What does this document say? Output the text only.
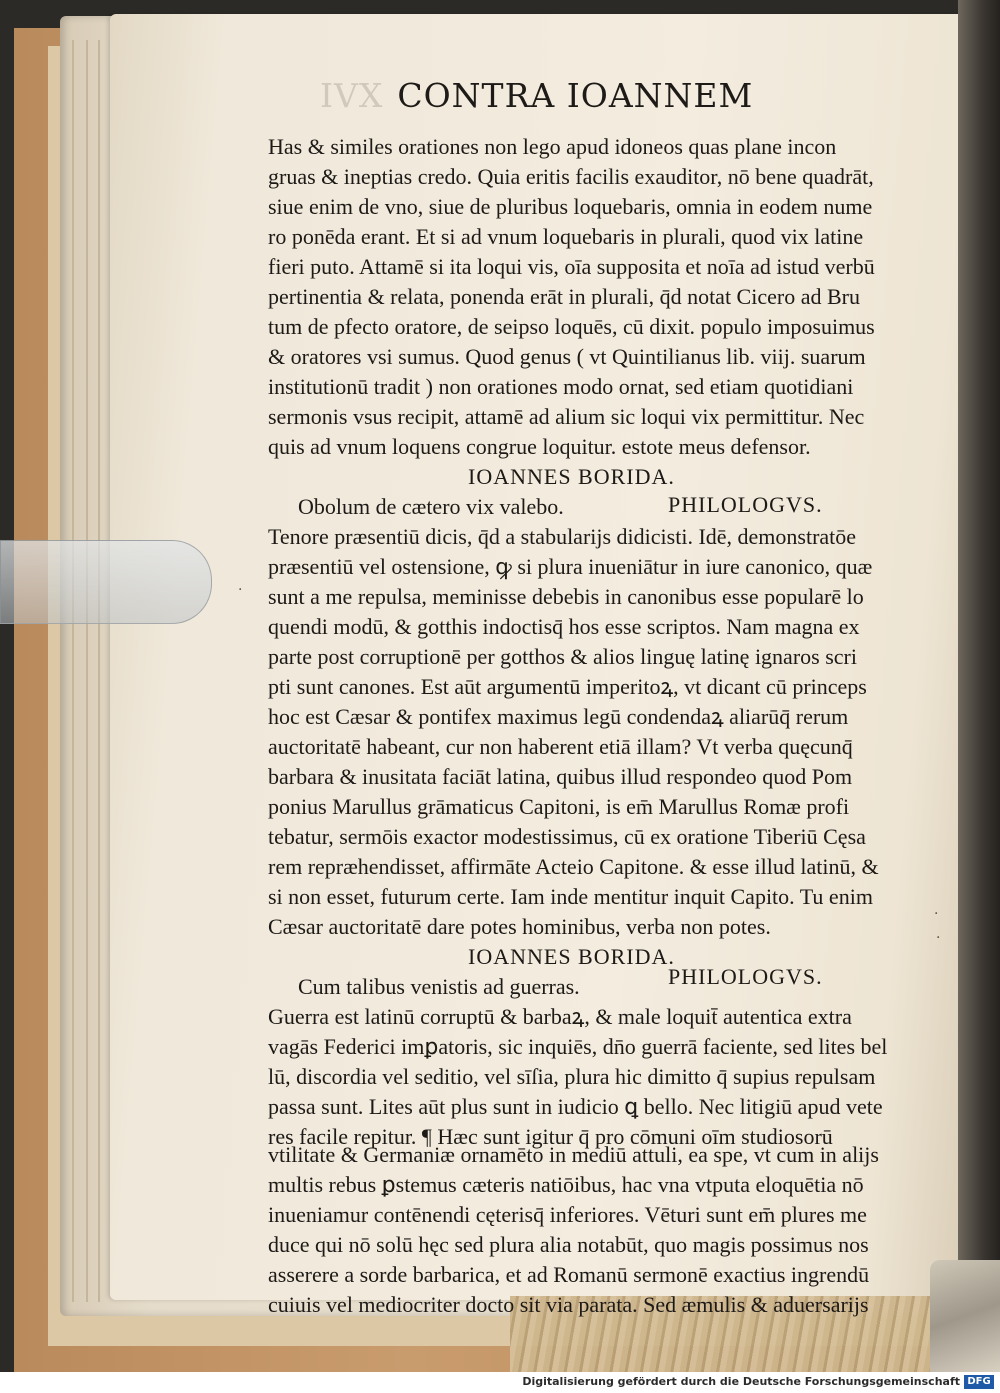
IVX CONTRA IOANNEM
Has & similes orationes non lego apud idoneos quas plane incon
gruas & ineptias credo. Quia eritis facilis exauditor, nō bene quadrāt,
siue enim de vno, siue de pluribus loquebaris, omnia in eodem nume
ro ponēda erant. Et si ad vnum loquebaris in plurali, quod vix latine
fieri puto. Attamē si ita loqui vis, oīa supposita et noīa ad istud verbū
pertinentia & relata, ponenda erāt in plurali, q̄d notat Cicero ad Bru
tum de pfecto oratore, de seipso loquēs, cū dixit. populo imposuimus
& oratores vsi sumus. Quod genus ( vt Quintilianus lib. viij. suarum
institutionū tradit ) non orationes modo ornat, sed etiam quotidiani
sermonis vsus recipit, attamē ad alium sic loqui vix permittitur. Nec
quis ad vnum loquens congrue loquitur. estote meus defensor.
IOANNES BORIDA.
Obolum de cætero vix valebo.	PHILOLOGVS.
Tenore præsentiū dicis, q̄d a stabularijs didicisti. Idē, demonstratōe
præsentiū vel ostensione, ꝙ si plura inueniātur in iure canonico, quæ
sunt a me repulsa, meminisse debebis in canonibus esse popularē lo
quendi modū, & gotthis indoctisq̄ hos esse scriptos. Nam magna ex
parte post corruptionē per gotthos & alios linguę latinę ignaros scri
pti sunt canones. Est aūt argumentū imperitoꝝ, vt dicant cū princeps
hoc est Cæsar & pontifex maximus legū condendaꝝ aliarūq̄ rerum
auctoritatē habeant, cur non haberent etiā illam? Vt verba quęcunq̄
barbara & inusitata faciāt latina, quibus illud respondeo quod Pom
ponius Marullus grāmaticus Capitoni, is em̄ Marullus Romæ profi
tebatur, sermōis exactor modestissimus, cū ex oratione Tiberiū Cęsa
rem repræhendisset, affirmāte Acteio Capitone. & esse illud latinū, &
si non esset, futurum certe. Iam inde mentitur inquit Capito. Tu enim
Cæsar auctoritatē dare potes hominibus, verba non potes.
IOANNES BORIDA.
Cum talibus venistis ad guerras.	PHILOLOGVS.
Guerra est latinū corruptū & barbaꝝ, & male loquit̄ autentica extra
vagās Federici imꝑatoris, sic inquiēs, dn̄o guerrā faciente, sed lites bel
lū, discordia vel seditio, vel sīſia, plura hic dimitto q̄ supius repulsam
passa sunt. Lites aūt plus sunt in iudicio ꝗ bello. Nec litigiū apud vete
res facile repitur. ¶ Hæc sunt igitur q̄ pro cōmuni oīm studiosorū
vtilitate & Germaniæ ornamēto in mediū attuli, ea spe, vt cum in alijs
multis rebus ꝑstemus cæteris natiōibus, hac vna vtputa eloquētia nō
inueniamur contēnendi cęterisq̄ inferiores. Vēturi sunt em̄ plures me
duce qui nō solū hęc sed plura alia notabūt, quo magis possimus nos
asserere a sorde barbarica, et ad Romanū sermonē exactius ingrendū
cuiuis vel mediocriter docto sit via parata. Sed æmulis & aduersarijs
·
·
·
Digitalisierung gefördert durch die Deutsche Forschungsgemeinschaft DFG
